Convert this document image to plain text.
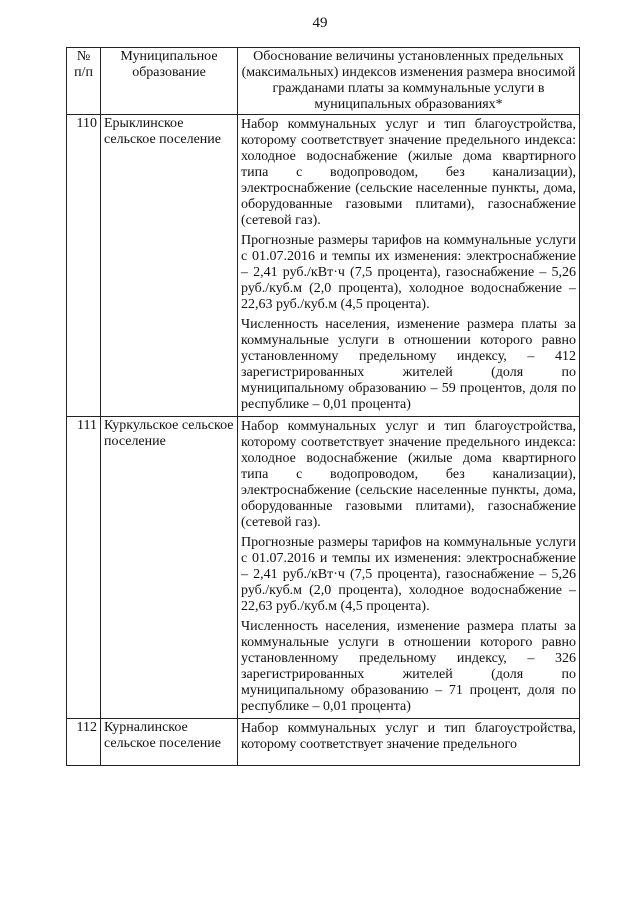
49
№ п/п	Муниципальное образование	Обоснование величины установленных предельных (максимальных) индексов изменения размера вносимой гражданами платы за коммунальные услуги в муниципальных образованиях*
110	Ерыклинское сельское поселение	Набор коммунальных услуг и тип благоустройства, которому соответствует значение предельного индекса: холодное водоснабжение (жилые дома квартирного типа с водопроводом, без канализации), электроснабжение (сельские населенные пункты, дома, оборудованные газовыми плитами), газоснабжение (сетевой газ).

Прогнозные размеры тарифов на коммунальные услуги с 01.07.2016 и темпы их изменения: электроснабжение – 2,41 руб./кВт·ч (7,5 процента), газоснабжение – 5,26 руб./куб.м (2,0 процента), холодное водоснабжение – 22,63 руб./куб.м (4,5 процента).

Численность населения, изменение размера платы за коммунальные услуги в отношении которого равно установленному предельному индексу, – 412 зарегистрированных жителей (доля по муниципальному образованию – 59 процентов, доля по республике – 0,01 процента)

111	Куркульское сельское поселение	Набор коммунальных услуг и тип благоустройства, которому соответствует значение предельного индекса: холодное водоснабжение (жилые дома квартирного типа с водопроводом, без канализации), электроснабжение (сельские населенные пункты, дома, оборудованные газовыми плитами), газоснабжение (сетевой газ).

Прогнозные размеры тарифов на коммунальные услуги с 01.07.2016 и темпы их изменения: электроснабжение – 2,41 руб./кВт·ч (7,5 процента), газоснабжение – 5,26 руб./куб.м (2,0 процента), холодное водоснабжение – 22,63 руб./куб.м (4,5 процента).

Численность населения, изменение размера платы за коммунальные услуги в отношении которого равно установленному предельному индексу, – 326 зарегистрированных жителей (доля по муниципальному образованию – 71 процент, доля по республике – 0,01 процента)

112	Курналинское сельское поселение	Набор коммунальных услуг и тип благоустройства, которому соответствует значение предельного
